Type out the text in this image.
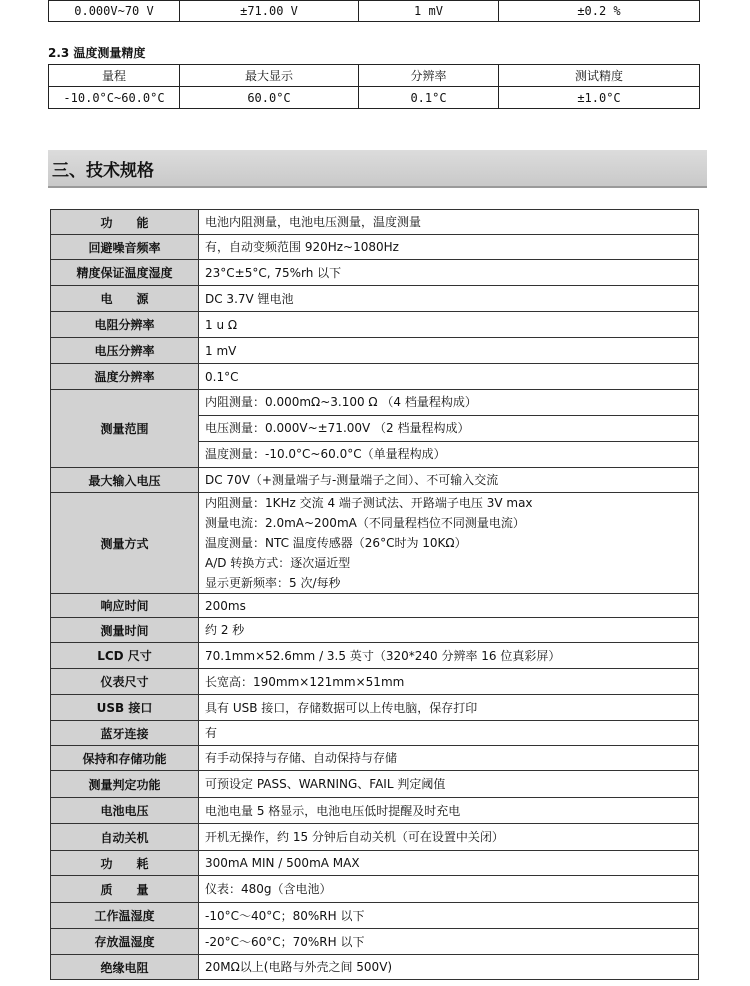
0.000V~70 V	±71.00 V	1 mV	±0.2 %
2.3 温度测量精度
量程	最大显示	分辨率	测试精度
-10.0°C~60.0°C	60.0°C	0.1°C	±1.0°C
三、技术规格
功　　能	电池内阻测量，电池电压测量，温度测量

回避噪音频率	有，自动变频范围 920Hz~1080Hz

精度保证温度湿度	23°C±5°C, 75%rh 以下

电　　源	DC 3.7V 锂电池

电阻分辨率	1 u Ω

电压分辨率	1 mV

温度分辨率	0.1°C

测量范围	内阻测量：0.000mΩ~3.100 Ω （4 档量程构成）
电压测量：0.000V~±71.00V （2 档量程构成）
温度测量：-10.0°C~60.0°C（单量程构成）

最大输入电压	DC 70V（+测量端子与-测量端子之间）、不可输入交流

测量方式	内阻测量：1KHz 交流 4 端子测试法、开路端子电压 3V max
测量电流：2.0mA~200mA（不同量程档位不同测量电流）
温度测量：NTC 温度传感器（26°C时为 10KΩ）
A/D 转换方式：逐次逼近型
显示更新频率：5 次/每秒

响应时间	200ms

测量时间	约 2 秒

LCD 尺寸	70.1mm×52.6mm / 3.5 英寸（320*240 分辨率 16 位真彩屏）

仪表尺寸	长宽高：190mm×121mm×51mm

USB 接口	具有 USB 接口，存储数据可以上传电脑，保存打印

蓝牙连接	有

保持和存储功能	有手动保持与存储、自动保持与存储

测量判定功能	可预设定 PASS、WARNING、FAIL 判定阈值

电池电压	电池电量 5 格显示，电池电压低时提醒及时充电

自动关机	开机无操作，约 15 分钟后自动关机（可在设置中关闭）

功　　耗	300mA MIN / 500mA MAX

质　　量	仪表：480g（含电池）

工作温湿度	-10°C～40°C；80%RH 以下

存放温湿度	-20°C～60°C；70%RH 以下

绝缘电阻	20MΩ以上(电路与外壳之间 500V)
